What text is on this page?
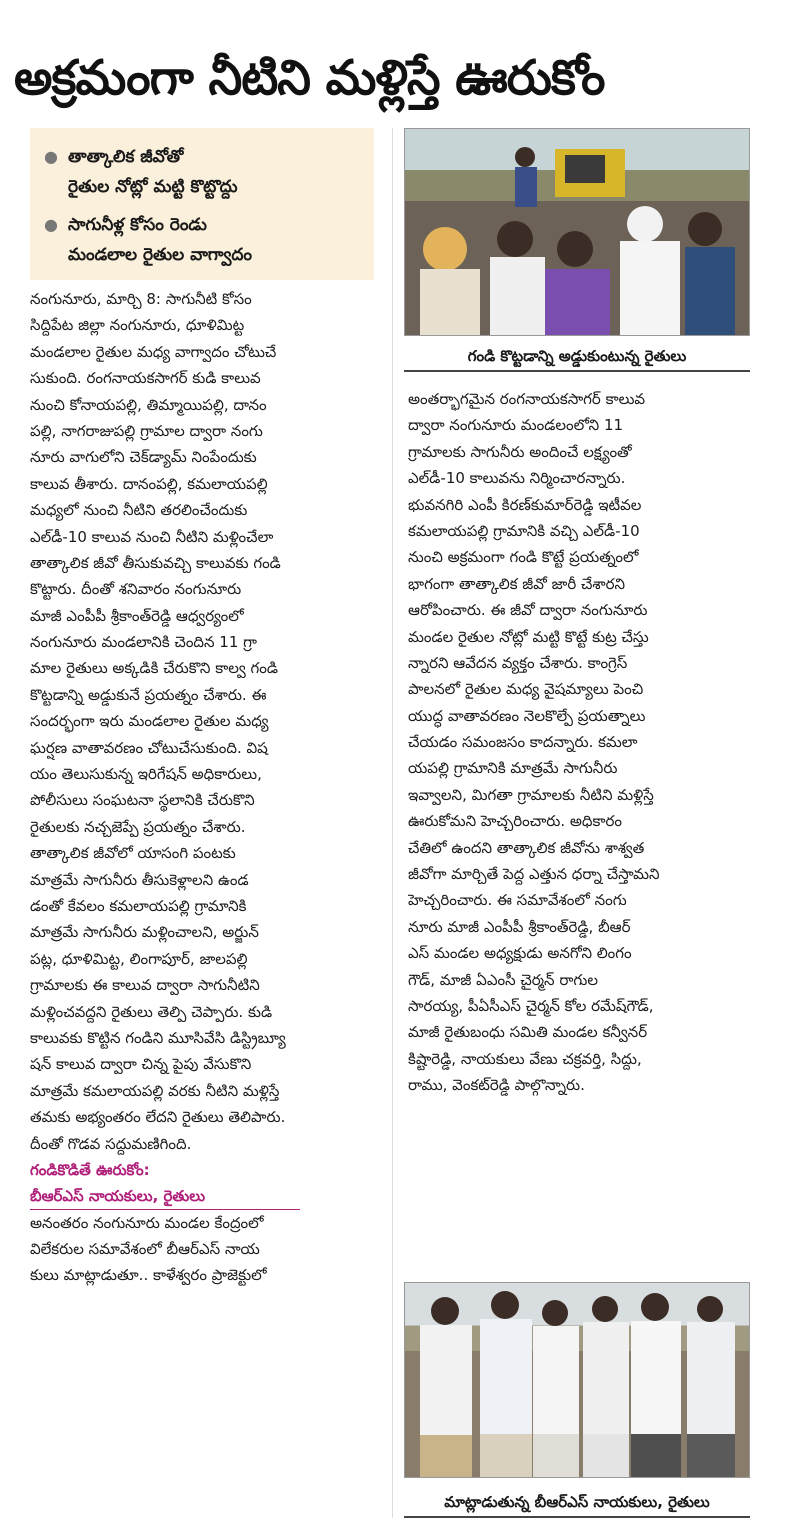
అక్రమంగా నీటిని మళ్లిస్తే ఊరుకోం
● తాత్కాలిక జీవోతో
రైతుల నోట్లో మట్టి కొట్టొద్దు
● సాగునీళ్ల కోసం రెండు
మండలాల రైతుల వాగ్వాదం
గండి కొట్టడాన్ని అడ్డుకుంటున్న రైతులు
నంగునూరు, మార్చి 8: సాగునీటి కోసం
సిద్దిపేట జిల్లా నంగునూరు, ధూళిమిట్ట
మండలాల రైతుల మధ్య వాగ్వాదం చోటుచే
సుకుంది. రంగనాయకసాగర్ కుడి కాలువ
నుంచి కోనాయపల్లి, తిమ్మాయిపల్లి, దానం
పల్లి, నాగరాజుపల్లి గ్రామాల ద్వారా నంగు
నూరు వాగులోని చెక్‌డ్యామ్ నింపేందుకు
కాలువ తీశారు. దానంపల్లి, కమలాయపల్లి
మధ్యలో నుంచి నీటిని తరలించేందుకు
ఎల్‌డీ-10 కాలువ నుంచి నీటిని మళ్లించేలా
తాత్కాలిక జీవో తీసుకువచ్చి కాలువకు గండి
కొట్టారు. దీంతో శనివారం నంగునూరు
మాజీ ఎంపీపీ శ్రీకాంత్‌రెడ్డి ఆధ్వర్యంలో
నంగునూరు మండలానికి చెందిన 11 గ్రా
మాల రైతులు అక్కడికి చేరుకొని కాల్వ గండి
కొట్టడాన్ని అడ్డుకునే ప్రయత్నం చేశారు. ఈ
సందర్భంగా ఇరు మండలాల రైతుల మధ్య
ఘర్షణ వాతావరణం చోటుచేసుకుంది. విష
యం తెలుసుకున్న ఇరిగేషన్ అధికారులు,
పోలీసులు సంఘటనా స్థలానికి చేరుకొని
రైతులకు నచ్చజెప్పే ప్రయత్నం చేశారు.
తాత్కాలిక జీవోలో యాసంగి పంటకు
మాత్రమే సాగునీరు తీసుకెళ్లాలని ఉండ
డంతో కేవలం కమలాయపల్లి గ్రామానికి
మాత్రమే సాగునీరు మళ్లించాలని, అర్జున్
పట్ల, ధూళిమిట్ట, లింగాపూర్, జాలపల్లి
గ్రామాలకు ఈ కాలువ ద్వారా సాగునీటిని
మళ్లించవద్దని రైతులు తెల్పి చెప్పారు. కుడి
కాలువకు కొట్టిన గండిని మూసివేసి డిస్ట్రిబ్యూ
షన్ కాలువ ద్వారా చిన్న పైపు వేసుకొని
మాత్రమే కమలాయపల్లి వరకు నీటిని మళ్లిస్తే
తమకు అభ్యంతరం లేదని రైతులు తెలిపారు.
దీంతో గొడవ సద్దుమణిగింది.
గండికొడితే ఊరుకోం:
బీఆర్ఎస్ నాయకులు, రైతులు
అనంతరం నంగునూరు మండల కేంద్రంలో
విలేకరుల సమావేశంలో బీఆర్ఎస్ నాయ
కులు మాట్లాడుతూ.. కాళేశ్వరం ప్రాజెక్టులో
అంతర్భాగమైన రంగనాయకసాగర్ కాలువ
ద్వారా నంగునూరు మండలంలోని 11
గ్రామాలకు సాగునీరు అందించే లక్ష్యంతో
ఎల్‌డీ-10 కాలువను నిర్మించారన్నారు.
భువనగిరి ఎంపీ కిరణ్‌కుమార్‌రెడ్డి ఇటీవల
కమలాయపల్లి గ్రామానికి వచ్చి ఎల్‌డీ-10
నుంచి అక్రమంగా గండి కొట్టే ప్రయత్నంలో
భాగంగా తాత్కాలిక జీవో జారీ చేశారని
ఆరోపించారు. ఈ జీవో ద్వారా నంగునూరు
మండల రైతుల నోట్లో మట్టి కొట్టే కుట్ర చేస్తు
న్నారని ఆవేదన వ్యక్తం చేశారు. కాంగ్రెస్
పాలనలో రైతుల మధ్య వైషమ్యాలు పెంచి
యుద్ధ వాతావరణం నెలకొల్పే ప్రయత్నాలు
చేయడం సమంజసం కాదన్నారు. కమలా
యపల్లి గ్రామానికి మాత్రమే సాగునీరు
ఇవ్వాలని, మిగతా గ్రామాలకు నీటిని మళ్లిస్తే
ఊరుకోమని హెచ్చరించారు. అధికారం
చేతిలో ఉందని తాత్కాలిక జీవోను శాశ్వత
జీవోగా మార్చితే పెద్ద ఎత్తున ధర్నా చేస్తామని
హెచ్చరించారు. ఈ సమావేశంలో నంగు
నూరు మాజీ ఎంపీపీ శ్రీకాంత్‌రెడ్డి, బీఆర్
ఎస్ మండల అధ్యక్షుడు అనగోని లింగం
గౌడ్, మాజీ ఏఎంసీ చైర్మన్ రాగుల
సారయ్య, పీఏసీఎస్ చైర్మన్ కోల రమేష్‌గౌడ్,
మాజీ రైతుబంధు సమితి మండల కన్వీనర్
కిష్టారెడ్డి, నాయకులు వేణు చక్రవర్తి, సిద్దు,
రాము, వెంకట్‌రెడ్డి పాల్గొన్నారు.
మాట్లాడుతున్న బీఆర్ఎస్ నాయకులు, రైతులు
